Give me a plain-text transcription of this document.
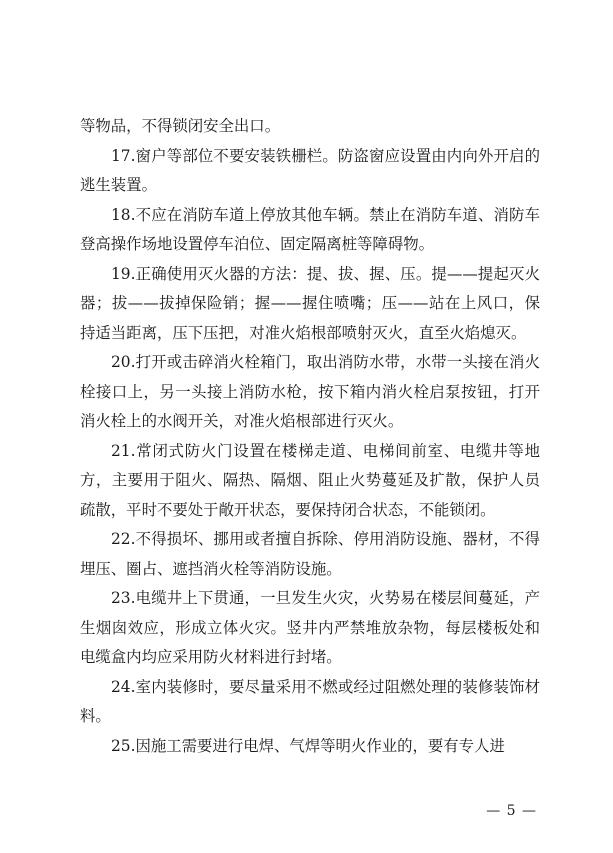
等物品，不得锁闭安全出口。

17.窗户等部位不要安装铁栅栏。防盗窗应设置由内向外开启的逃生装置。

18.不应在消防车道上停放其他车辆。禁止在消防车道、消防车登高操作场地设置停车泊位、固定隔离桩等障碍物。

19.正确使用灭火器的方法：提、拔、握、压。提——提起灭火器；拔——拔掉保险销；握——握住喷嘴；压——站在上风口，保持适当距离，压下压把，对准火焰根部喷射灭火，直至火焰熄灭。

20.打开或击碎消火栓箱门，取出消防水带，水带一头接在消火栓接口上，另一头接上消防水枪，按下箱内消火栓启泵按钮，打开消火栓上的水阀开关，对准火焰根部进行灭火。

21.常闭式防火门设置在楼梯走道、电梯间前室、电缆井等地方，主要用于阻火、隔热、隔烟、阻止火势蔓延及扩散，保护人员疏散，平时不要处于敞开状态，要保持闭合状态，不能锁闭。

22.不得损坏、挪用或者擅自拆除、停用消防设施、器材，不得埋压、圈占、遮挡消火栓等消防设施。

23.电缆井上下贯通，一旦发生火灾，火势易在楼层间蔓延，产生烟囱效应，形成立体火灾。竖井内严禁堆放杂物，每层楼板处和电缆盒内均应采用防火材料进行封堵。

24.室内装修时，要尽量采用不燃或经过阻燃处理的装修装饰材料。

25.因施工需要进行电焊、气焊等明火作业的，要有专人进

— 5 —
